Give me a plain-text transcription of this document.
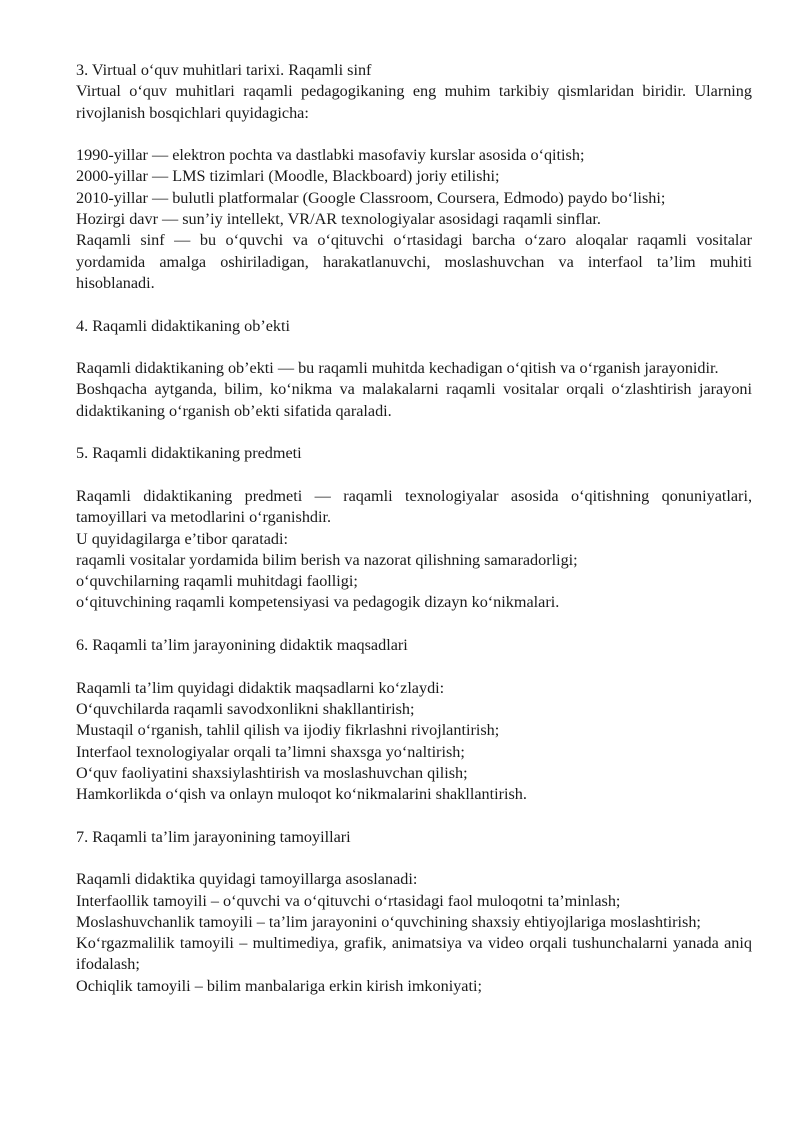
3. Virtual o‘quv muhitlari tarixi. Raqamli sinf
Virtual o‘quv muhitlari raqamli pedagogikaning eng muhim tarkibiy qismlaridan biridir. Ularning rivojlanish bosqichlari quyidagicha:
1990-yillar — elektron pochta va dastlabki masofaviy kurslar asosida o‘qitish;
2000-yillar — LMS tizimlari (Moodle, Blackboard) joriy etilishi;
2010-yillar — bulutli platformalar (Google Classroom, Coursera, Edmodo) paydo bo‘lishi;
Hozirgi davr — sun’iy intellekt, VR/AR texnologiyalar asosidagi raqamli sinflar.
Raqamli sinf — bu o‘quvchi va o‘qituvchi o‘rtasidagi barcha o‘zaro aloqalar raqamli vositalar yordamida amalga oshiriladigan, harakatlanuvchi, moslashuvchan va interfaol ta’lim muhiti hisoblanadi.
4. Raqamli didaktikaning ob’ekti
Raqamli didaktikaning ob’ekti — bu raqamli muhitda kechadigan o‘qitish va o‘rganish jarayonidir.
Boshqacha aytganda, bilim, ko‘nikma va malakalarni raqamli vositalar orqali o‘zlashtirish jarayoni didaktikaning o‘rganish ob’ekti sifatida qaraladi.
5. Raqamli didaktikaning predmeti
Raqamli didaktikaning predmeti — raqamli texnologiyalar asosida o‘qitishning qonuniyatlari, tamoyillari va metodlarini o‘rganishdir.
U quyidagilarga e’tibor qaratadi:
raqamli vositalar yordamida bilim berish va nazorat qilishning samaradorligi;
o‘quvchilarning raqamli muhitdagi faolligi;
o‘qituvchining raqamli kompetensiyasi va pedagogik dizayn ko‘nikmalari.
6. Raqamli ta’lim jarayonining didaktik maqsadlari
Raqamli ta’lim quyidagi didaktik maqsadlarni ko‘zlaydi:
O‘quvchilarda raqamli savodxonlikni shakllantirish;
Mustaqil o‘rganish, tahlil qilish va ijodiy fikrlashni rivojlantirish;
Interfaol texnologiyalar orqali ta’limni shaxsga yo‘naltirish;
O‘quv faoliyatini shaxsiylashtirish va moslashuvchan qilish;
Hamkorlikda o‘qish va onlayn muloqot ko‘nikmalarini shakllantirish.
7. Raqamli ta’lim jarayonining tamoyillari
Raqamli didaktika quyidagi tamoyillarga asoslanadi:
Interfaollik tamoyili – o‘quvchi va o‘qituvchi o‘rtasidagi faol muloqotni ta’minlash;
Moslashuvchanlik tamoyili – ta’lim jarayonini o‘quvchining shaxsiy ehtiyojlariga moslashtirish;
Ko‘rgazmalilik tamoyili – multimediya, grafik, animatsiya va video orqali tushunchalarni yanada aniq ifodalash;
Ochiqlik tamoyili – bilim manbalariga erkin kirish imkoniyati;
